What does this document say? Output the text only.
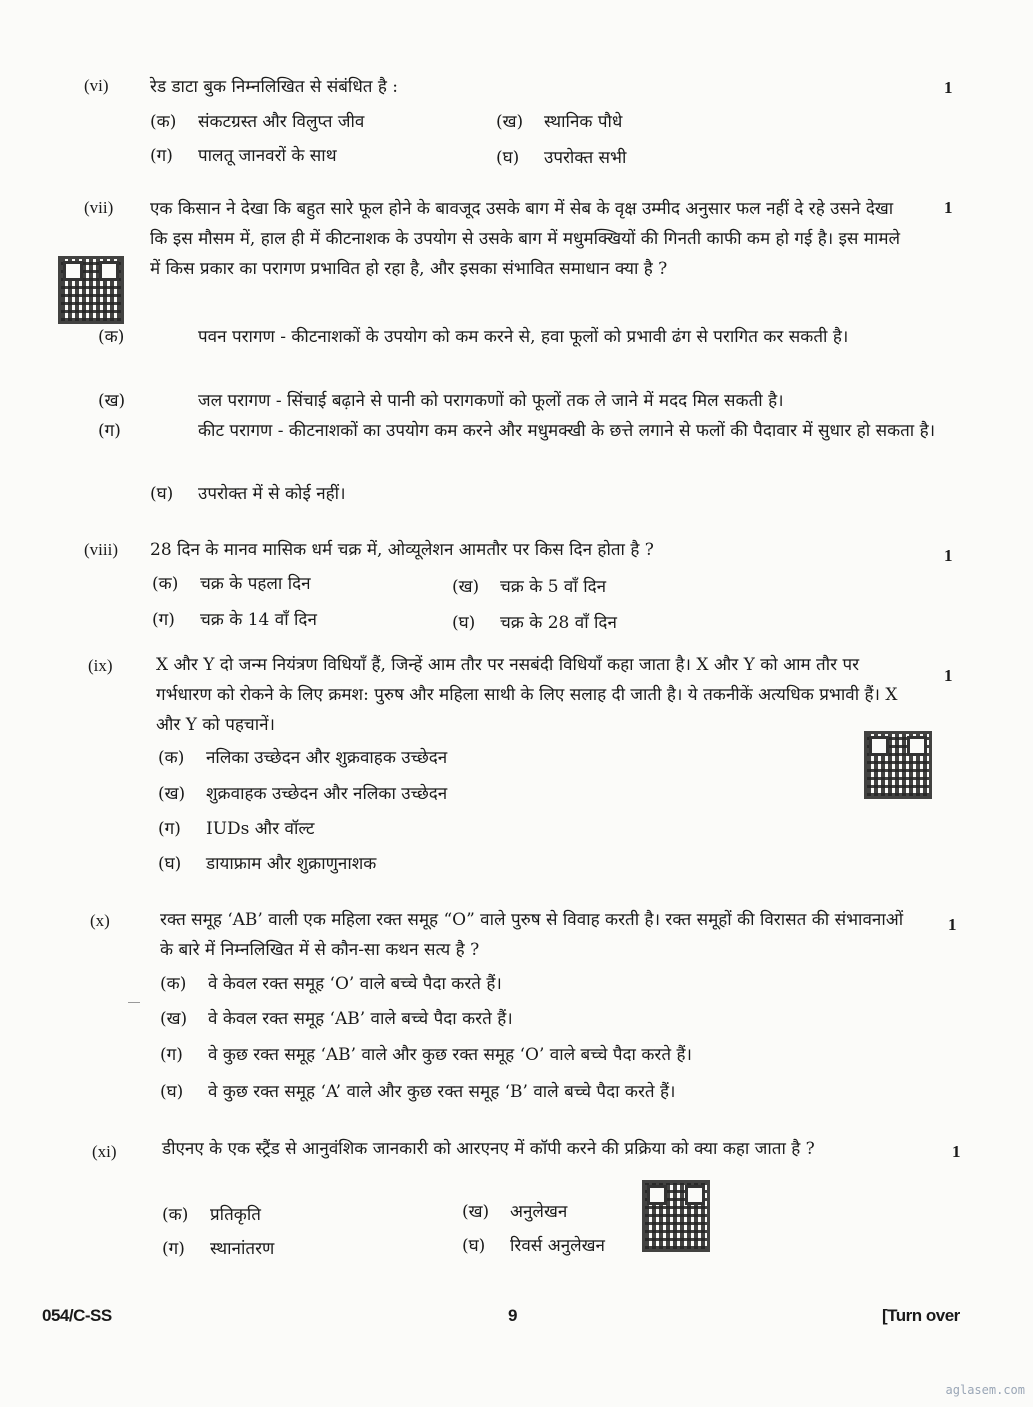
(vi) रेड डाटा बुक निम्नलिखित से संबंधित है :	1
(क) संकटग्रस्त और विलुप्त जीव	(ख) स्थानिक पौधे
(ग) पालतू जानवरों के साथ	(घ) उपरोक्त सभी
(vii) एक किसान ने देखा कि बहुत सारे फूल होने के बावजूद उसके बाग में सेब के वृक्ष उम्मीद अनुसार फल नहीं दे रहे उसने देखा कि इस मौसम में, हाल ही में कीटनाशक के उपयोग से उसके बाग में मधुमक्खियों की गिनती काफी कम हो गई है। इस मामले में किस प्रकार का परागण प्रभावित हो रहा है, और इसका संभावित समाधान क्या है ?

1
(क)	पवन परागण - कीटनाशकों के उपयोग को कम करने से, हवा फूलों को प्रभावी ढंग से परागित कर सकती है।
(ख)	जल परागण - सिंचाई बढ़ाने से पानी को परागकणों को फूलों तक ले जाने में मदद मिल सकती है।
(ग)	कीट परागण - कीटनाशकों का उपयोग कम करने और मधुमक्खी के छत्ते लगाने से फलों की पैदावार में सुधार हो सकता है।
(घ) उपरोक्त में से कोई नहीं।
(viii) 28 दिन के मानव मासिक धर्म चक्र में, ओव्यूलेशन आमतौर पर किस दिन होता है ?	1
(क) चक्र के पहला दिन	(ख) चक्र के 5 वाँ दिन
(ग) चक्र के 14 वाँ दिन	(घ) चक्र के 28 वाँ दिन
(ix)	X और Y दो जन्म नियंत्रण विधियाँ हैं, जिन्हें आम तौर पर नसबंदी विधियाँ कहा जाता है। X और Y को आम तौर पर गर्भधारण को रोकने के लिए क्रमश: पुरुष और महिला साथी के लिए सलाह दी जाती है। ये तकनीकें अत्यधिक प्रभावी हैं। X और Y को पहचानें।

1
(क) नलिका उच्छेदन और शुक्रवाहक उच्छेदन
(ख) शुक्रवाहक उच्छेदन और नलिका उच्छेदन
(ग) IUDs और वॉल्ट
(घ) डायाफ्राम और शुक्राणुनाशक
(x)	रक्त समूह ‘AB’ वाली एक महिला रक्त समूह “O” वाले पुरुष से विवाह करती है। रक्त समूहों की विरासत की संभावनाओं के बारे में निम्नलिखित में से कौन-सा कथन सत्य है ?

1
(क) वे केवल रक्त समूह ‘O’ वाले बच्चे पैदा करते हैं।
(ख) वे केवल रक्त समूह ‘AB’ वाले बच्चे पैदा करते हैं।
(ग) वे कुछ रक्त समूह ‘AB’ वाले और कुछ रक्त समूह ‘O’ वाले बच्चे पैदा करते हैं।
(घ) वे कुछ रक्त समूह ‘A’ वाले और कुछ रक्त समूह ‘B’ वाले बच्चे पैदा करते हैं।
(xi)	डीएनए के एक स्ट्रैंड से आनुवंशिक जानकारी को आरएनए में कॉपी करने की प्रक्रिया को क्या कहा जाता है ?	1
(क) प्रतिकृति	(ख) अनुलेखन
(ग) स्थानांतरण	(घ) रिवर्स अनुलेखन
054/C-SS	9	[Turn over
aglasem.com
